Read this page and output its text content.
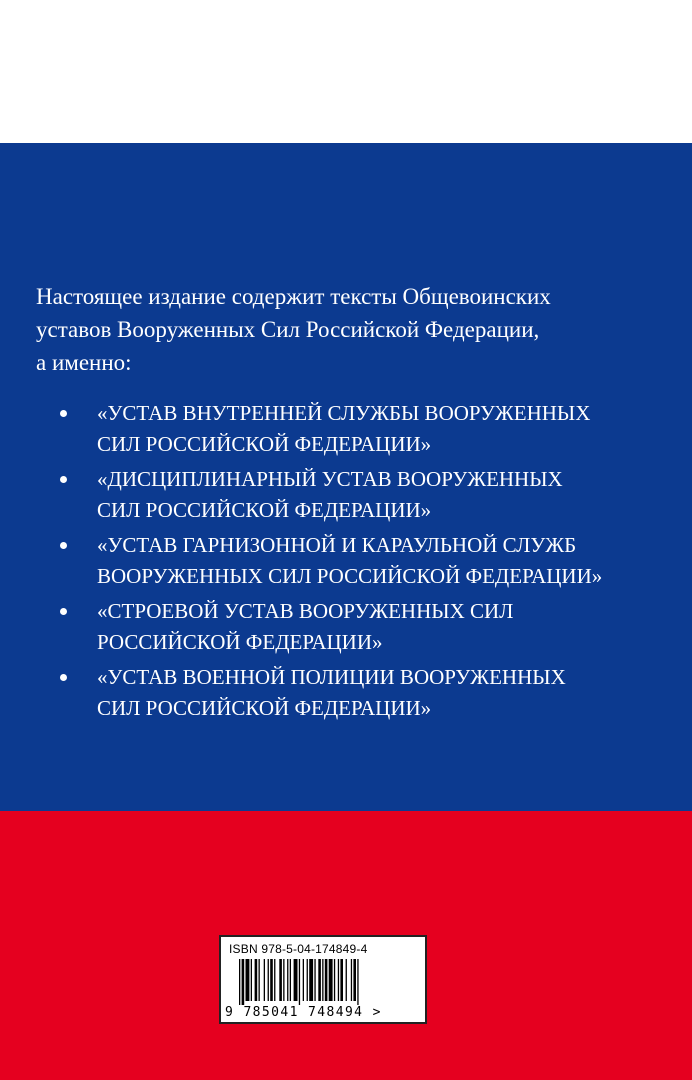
Настоящее издание содержит тексты Общевоинских
уставов Вооруженных Сил Российской Федерации,
а именно:
«УСТАВ ВНУТРЕННЕЙ СЛУЖБЫ ВООРУЖЕННЫХ
СИЛ РОССИЙСКОЙ ФЕДЕРАЦИИ»
«ДИСЦИПЛИНАРНЫЙ УСТАВ ВООРУЖЕННЫХ
СИЛ РОССИЙСКОЙ ФЕДЕРАЦИИ»
«УСТАВ ГАРНИЗОННОЙ И КАРАУЛЬНОЙ СЛУЖБ
ВООРУЖЕННЫХ СИЛ РОССИЙСКОЙ ФЕДЕРАЦИИ»
«СТРОЕВОЙ УСТАВ ВООРУЖЕННЫХ СИЛ
РОССИЙСКОЙ ФЕДЕРАЦИИ»
«УСТАВ ВОЕННОЙ ПОЛИЦИИ ВООРУЖЕННЫХ
СИЛ РОССИЙСКОЙ ФЕДЕРАЦИИ»
ISBN 978-5-04-174849-4
9 785041 748494 >
